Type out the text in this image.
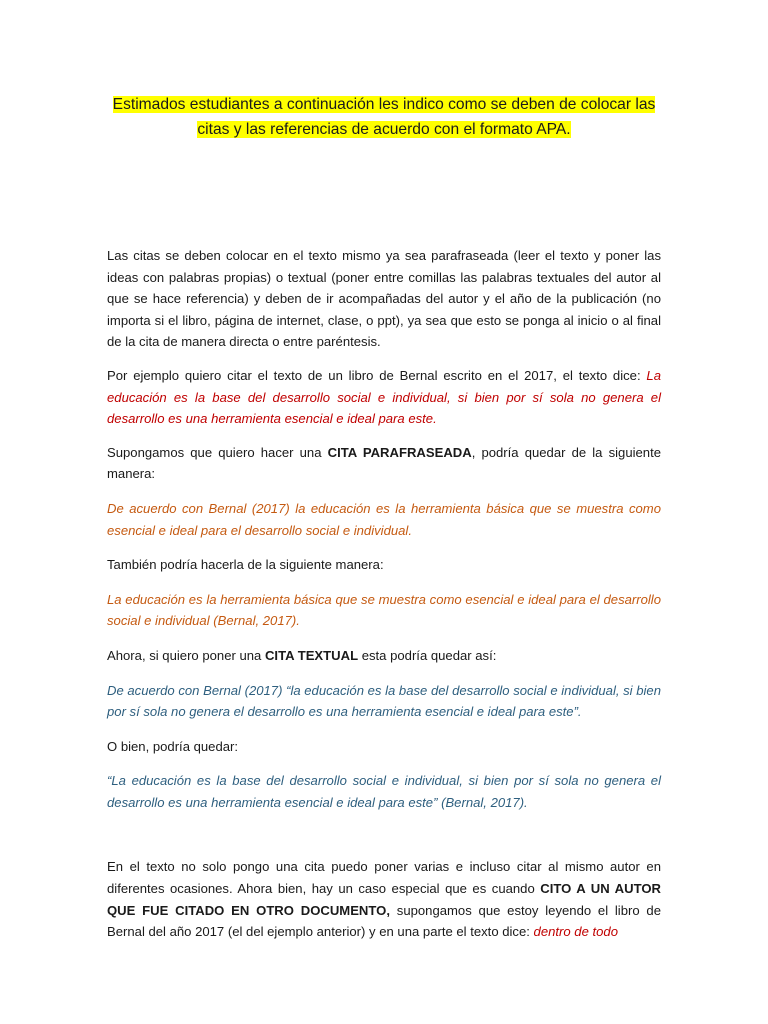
Estimados estudiantes a continuación les indico como se deben de colocar las
citas y las referencias de acuerdo con el formato APA.

Las citas se deben colocar en el texto mismo ya sea parafraseada (leer el texto y poner las ideas con palabras propias) o textual (poner entre comillas las palabras textuales del autor al que se hace referencia) y deben de ir acompañadas del autor y el año de la publicación (no importa si el libro, página de internet, clase, o ppt), ya sea que esto se ponga al inicio o al final de la cita de manera directa o entre paréntesis.

Por ejemplo quiero citar el texto de un libro de Bernal escrito en el 2017, el texto dice: La educación es la base del desarrollo social e individual, si bien por sí sola no genera el desarrollo es una herramienta esencial e ideal para este.

Supongamos que quiero hacer una CITA PARAFRASEADA, podría quedar de la siguiente manera:

De acuerdo con Bernal (2017) la educación es la herramienta básica que se muestra como esencial e ideal para el desarrollo social e individual.

También podría hacerla de la siguiente manera:

La educación es la herramienta básica que se muestra como esencial e ideal para el desarrollo social e individual (Bernal, 2017).

Ahora, si quiero poner una CITA TEXTUAL esta podría quedar así:

De acuerdo con Bernal (2017) “la educación es la base del desarrollo social e individual, si bien por sí sola no genera el desarrollo es una herramienta esencial e ideal para este”.

O bien, podría quedar:

“La educación es la base del desarrollo social e individual, si bien por sí sola no genera el desarrollo es una herramienta esencial e ideal para este” (Bernal, 2017).

En el texto no solo pongo una cita puedo poner varias e incluso citar al mismo autor en diferentes ocasiones. Ahora bien, hay un caso especial que es cuando CITO A UN AUTOR QUE FUE CITADO EN OTRO DOCUMENTO, supongamos que estoy leyendo el libro de Bernal del año 2017 (el del ejemplo anterior) y en una parte el texto dice: dentro de todo
